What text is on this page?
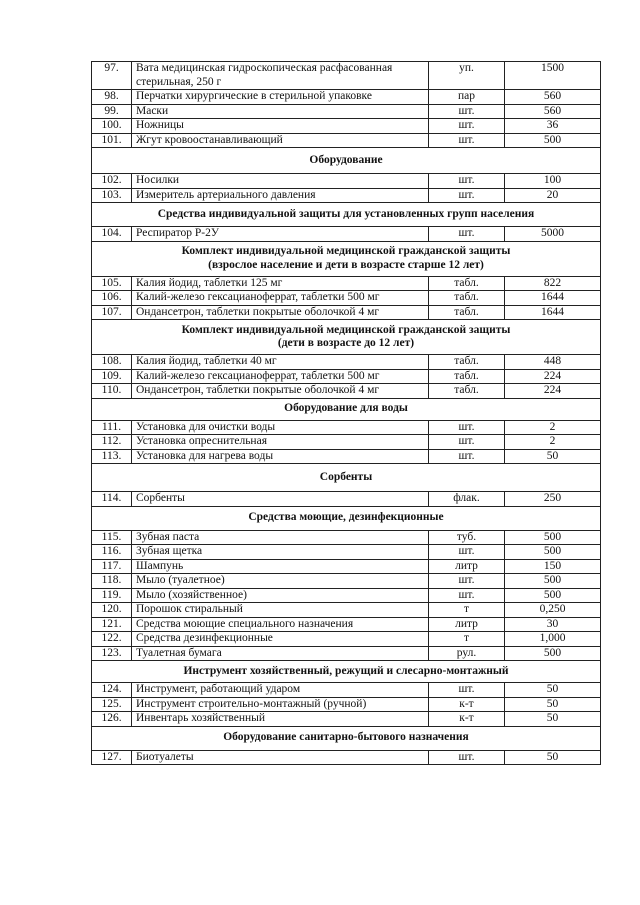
97.	Вата медицинская гидроскопическая расфасованная стерильная, 250 г	уп.	1500
98.	Перчатки хирургические в стерильной упаковке	пар	560
99.	Маски	шт.	560
100.	Ножницы	шт.	36
101.	Жгут кровоостанавливающий	шт.	500

Оборудование			

102.	Носилки	шт.	100
103.	Измеритель артериального давления	шт.	20

Средства индивидуальной защиты для установленных групп населения			

104.	Респиратор Р-2У	шт.	5000

Комплект индивидуальной медицинской гражданской защиты
(взрослое население и дети в возрасте старше 12 лет)			

105.	Калия йодид, таблетки 125 мг	табл.	822
106.	Калий-железо гексацианоферрат, таблетки 500 мг	табл.	1644
107.	Ондансетрон, таблетки покрытые оболочкой 4 мг	табл.	1644

Комплект индивидуальной медицинской гражданской защиты
(дети в возрасте до 12 лет)			

108.	Калия йодид, таблетки 40 мг	табл.	448
109.	Калий-железо гексацианоферрат, таблетки 500 мг	табл.	224
110.	Ондансетрон, таблетки покрытые оболочкой 4 мг	табл.	224

Оборудование для воды			

111.	Установка для очистки воды	шт.	2
112.	Установка опреснительная	шт.	2
113.	Установка для нагрева воды	шт.	50

Сорбенты			

114.	Сорбенты	флак.	250

Средства моющие, дезинфекционные			

115.	Зубная паста	туб.	500
116.	Зубная щетка	шт.	500
117.	Шампунь	литр	150
118.	Мыло (туалетное)	шт.	500
119.	Мыло (хозяйственное)	шт.	500
120.	Порошок стиральный	т	0,250
121.	Средства моющие специального назначения	литр	30
122.	Средства дезинфекционные	т	1,000
123.	Туалетная бумага	рул.	500

Инструмент хозяйственный, режущий и слесарно-монтажный			

124.	Инструмент, работающий ударом	шт.	50
125.	Инструмент строительно-монтажный (ручной)	к-т	50
126.	Инвентарь хозяйственный	к-т	50

Оборудование санитарно-бытового назначения			

127.	Биотуалеты	шт.	50
